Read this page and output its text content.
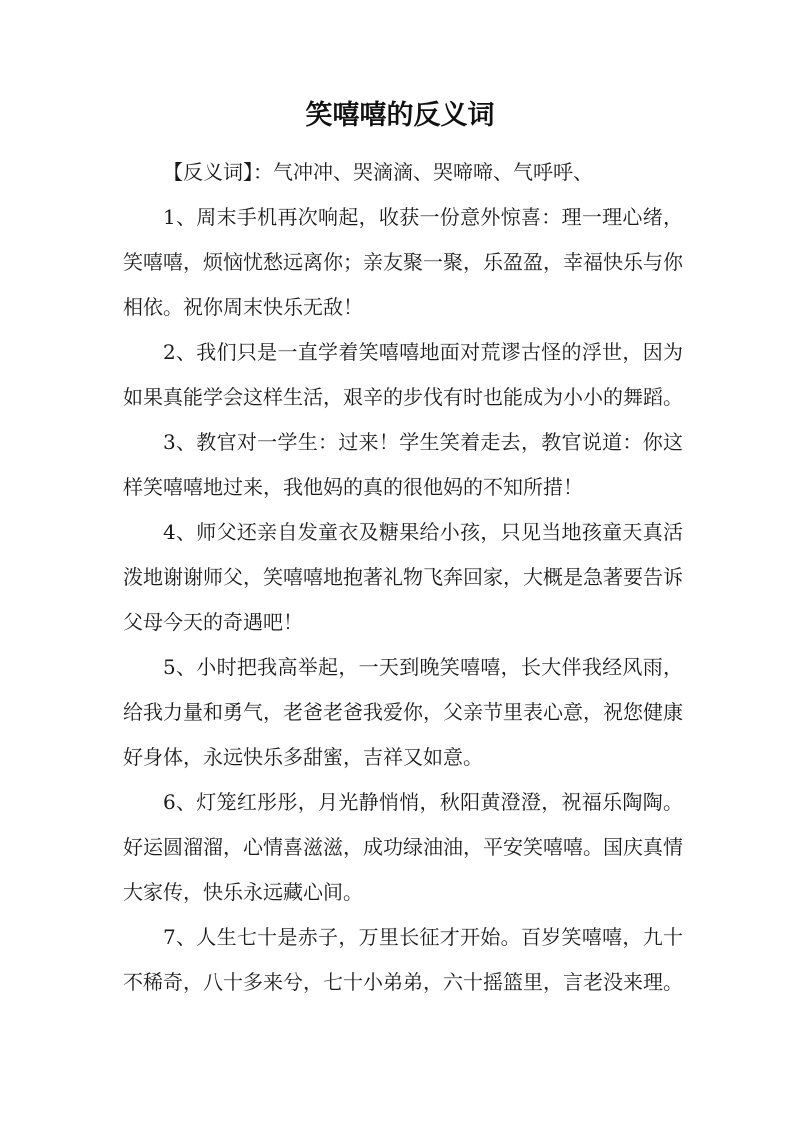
笑嘻嘻的反义词

【反义词】：气冲冲、哭滴滴、哭啼啼、气呼呼、

1、周末手机再次响起，收获一份意外惊喜：理一理心绪，笑嘻嘻，烦恼忧愁远离你；亲友聚一聚，乐盈盈，幸福快乐与你相依。祝你周末快乐无敌！

2、我们只是一直学着笑嘻嘻地面对荒谬古怪的浮世，因为如果真能学会这样生活，艰辛的步伐有时也能成为小小的舞蹈。

3、教官对一学生：过来！学生笑着走去，教官说道：你这样笑嘻嘻地过来，我他妈的真的很他妈的不知所措！

4、师父还亲自发童衣及糖果给小孩，只见当地孩童天真活泼地谢谢师父，笑嘻嘻地抱著礼物飞奔回家，大概是急著要告诉父母今天的奇遇吧！

5、小时把我高举起，一天到晚笑嘻嘻，长大伴我经风雨，给我力量和勇气，老爸老爸我爱你，父亲节里表心意，祝您健康好身体，永远快乐多甜蜜，吉祥又如意。

6、灯笼红彤彤，月光静悄悄，秋阳黄澄澄，祝福乐陶陶。好运圆溜溜，心情喜滋滋，成功绿油油，平安笑嘻嘻。国庆真情大家传，快乐永远藏心间。

7、人生七十是赤子，万里长征才开始。百岁笑嘻嘻，九十不稀奇，八十多来兮，七十小弟弟，六十摇篮里，言老没来理。
